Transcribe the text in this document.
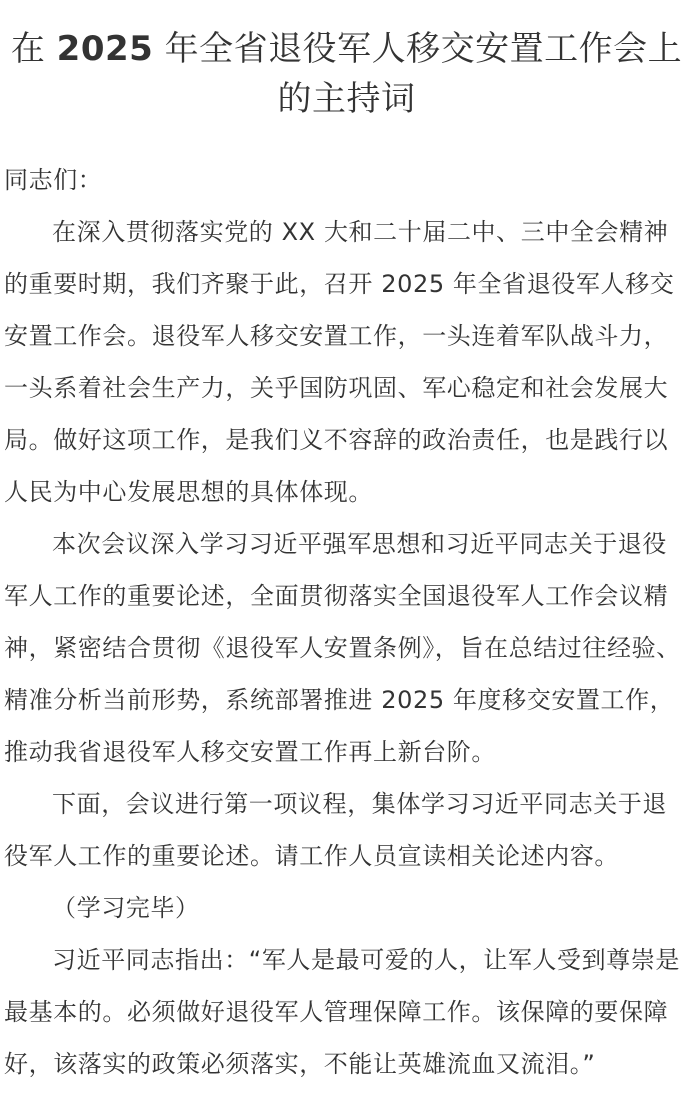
在 2025 年全省退役军人移交安置工作会上
的主持词

同志们：

在深入贯彻落实党的 XX 大和二十届二中、三中全会精神的重要时期，我们齐聚于此，召开 2025 年全省退役军人移交安置工作会。退役军人移交安置工作，一头连着军队战斗力，一头系着社会生产力，关乎国防巩固、军心稳定和社会发展大局。做好这项工作，是我们义不容辞的政治责任，也是践行以人民为中心发展思想的具体体现。

本次会议深入学习习近平强军思想和习近平同志关于退役军人工作的重要论述，全面贯彻落实全国退役军人工作会议精神，紧密结合贯彻《退役军人安置条例》，旨在总结过往经验、精准分析当前形势，系统部署推进 2025 年度移交安置工作，推动我省退役军人移交安置工作再上新台阶。

下面，会议进行第一项议程，集体学习习近平同志关于退役军人工作的重要论述。请工作人员宣读相关论述内容。

（学习完毕）

习近平同志指出：“军人是最可爱的人，让军人受到尊崇是最基本的。必须做好退役军人管理保障工作。该保障的要保障好，该落实的政策必须落实，不能让英雄流血又流泪。”
